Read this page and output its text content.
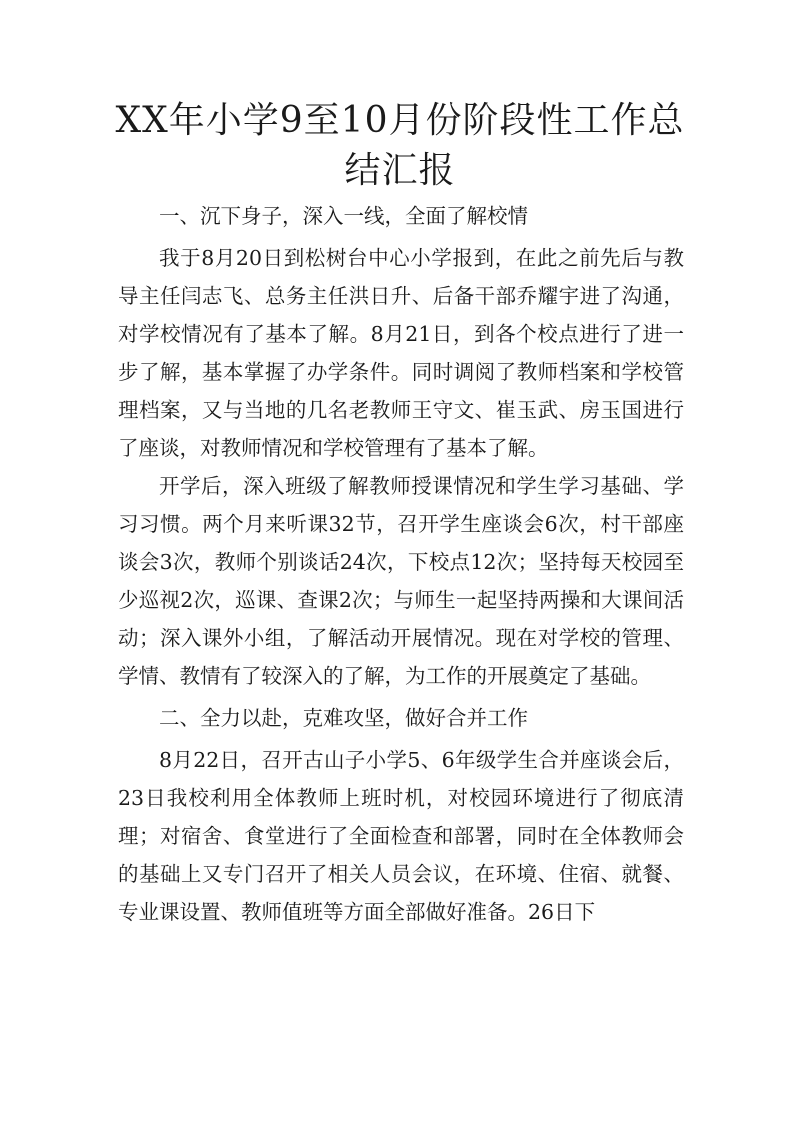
XX年小学9至10月份阶段性工作总结汇报

一、沉下身子，深入一线，全面了解校情

我于8月20日到松树台中心小学报到，在此之前先后与教导主任闫志飞、总务主任洪日升、后备干部乔耀宇进了沟通，对学校情况有了基本了解。8月21日，到各个校点进行了进一步了解，基本掌握了办学条件。同时调阅了教师档案和学校管理档案，又与当地的几名老教师王守文、崔玉武、房玉国进行了座谈，对教师情况和学校管理有了基本了解。

开学后，深入班级了解教师授课情况和学生学习基础、学习习惯。两个月来听课32节，召开学生座谈会6次，村干部座谈会3次，教师个别谈话24次，下校点12次；坚持每天校园至少巡视2次，巡课、查课2次；与师生一起坚持两操和大课间活动；深入课外小组，了解活动开展情况。现在对学校的管理、学情、教情有了较深入的了解，为工作的开展奠定了基础。

二、全力以赴，克难攻坚，做好合并工作

8月22日，召开古山子小学5、6年级学生合并座谈会后，23日我校利用全体教师上班时机，对校园环境进行了彻底清理；对宿舍、食堂进行了全面检查和部署，同时在全体教师会的基础上又专门召开了相关人员会议，在环境、住宿、就餐、专业课设置、教师值班等方面全部做好准备。26日下
